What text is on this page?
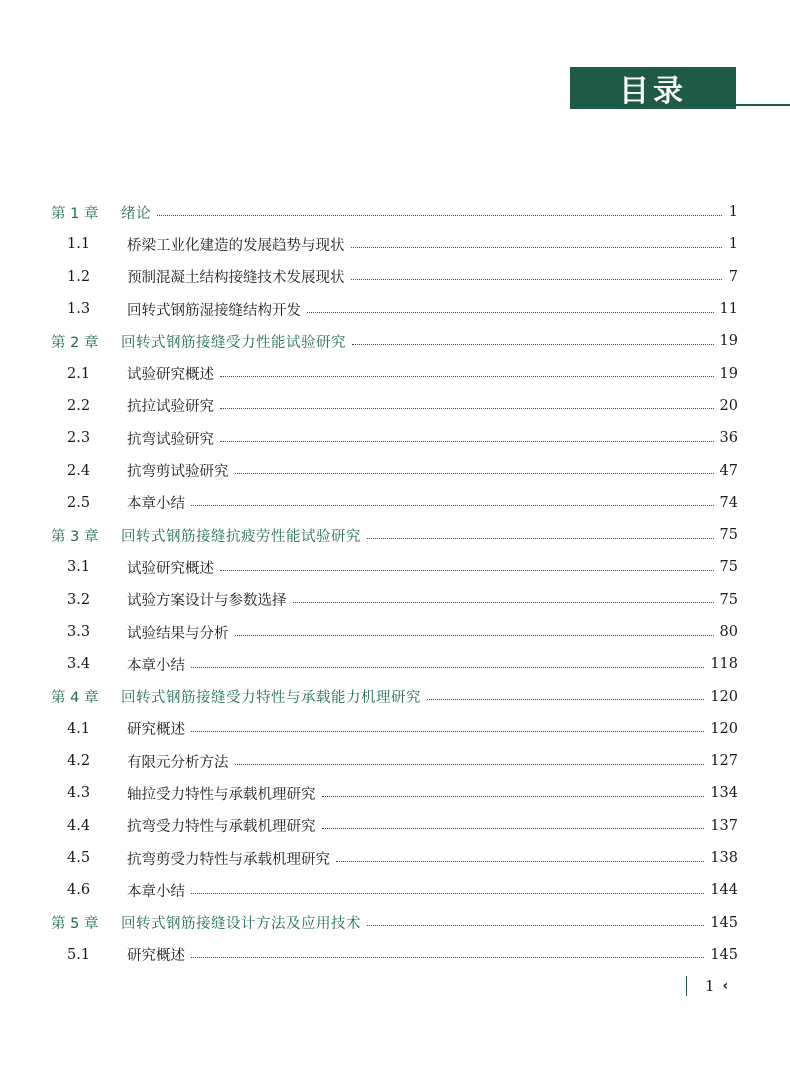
目录
第 1 章	绪论	1
1.1	桥梁工业化建造的发展趋势与现状	1
1.2	预制混凝土结构接缝技术发展现状	7
1.3	回转式钢筋湿接缝结构开发	11
第 2 章	回转式钢筋接缝受力性能试验研究	19
2.1	试验研究概述	19
2.2	抗拉试验研究	20
2.3	抗弯试验研究	36
2.4	抗弯剪试验研究	47
2.5	本章小结	74
第 3 章	回转式钢筋接缝抗疲劳性能试验研究	75
3.1	试验研究概述	75
3.2	试验方案设计与参数选择	75
3.3	试验结果与分析	80
3.4	本章小结	118
第 4 章	回转式钢筋接缝受力特性与承载能力机理研究	120
4.1	研究概述	120
4.2	有限元分析方法	127
4.3	轴拉受力特性与承载机理研究	134
4.4	抗弯受力特性与承载机理研究	137
4.5	抗弯剪受力特性与承载机理研究	138
4.6	本章小结	144
第 5 章	回转式钢筋接缝设计方法及应用技术	145
5.1	研究概述	145
1 ‹
